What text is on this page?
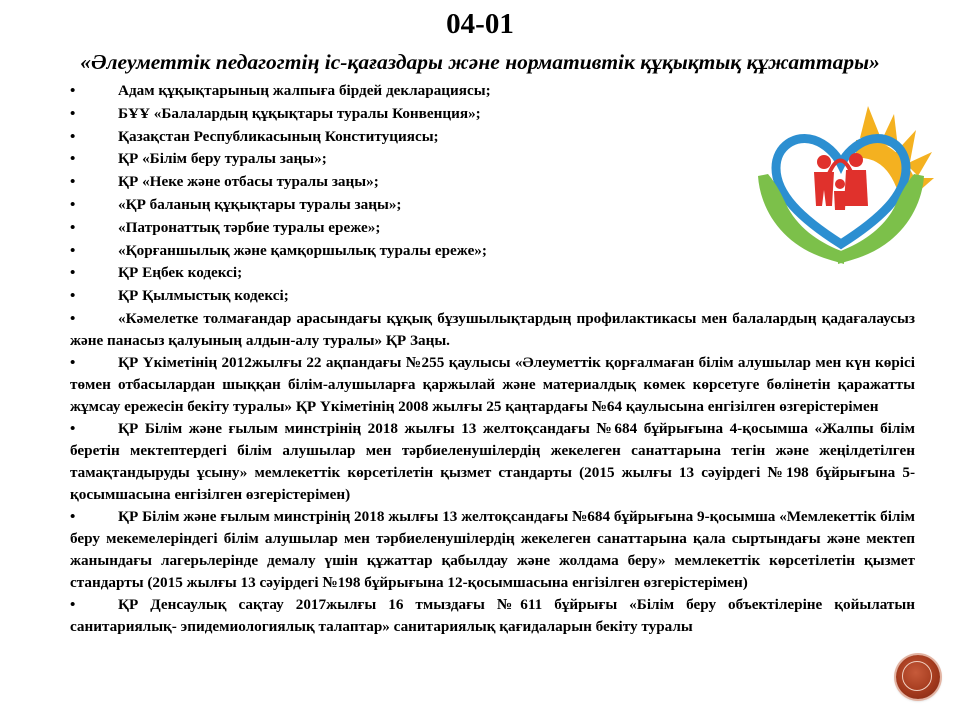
04-01
«Әлеуметтік педагогтің іс-қағаздары және нормативтік құқықтық құжаттары»
•	Адам құқықтарының жалпыға бірдей декларациясы;
•	БҰҰ «Балалардың құқықтары туралы Конвенция»;
•	Қазақстан Республикасының Конституциясы;
•	ҚР «Білім беру туралы заңы»;
•	ҚР «Неке және отбасы туралы заңы»;
•	«ҚР баланың құқықтары туралы заңы»;
•	«Патронаттық тәрбие туралы ереже»;
•	«Қорғаншылық және қамқоршылық туралы ереже»;
•	ҚР Еңбек кодексі;
•	ҚР Қылмыстық кодексі;
•	«Кәмелетке толмағандар арасындағы құқық бұзушылықтардың профилактикасы мен балалардың қадағалаусыз және панасыз қалуының алдын-алу туралы» ҚР Заңы.
•	ҚР Үкіметінің 2012жылғы 22 ақпандағы №255 қаулысы «Әлеуметтік қорғалмаған білім алушылар мен күн көрісі төмен отбасылардан шыққан білім-алушыларға қаржылай және материалдық көмек көрсетуге бөлінетін қаражатты жұмсау ережесін бекіту туралы» ҚР Үкіметінің 2008 жылғы 25 қаңтардағы №64 қаулысына енгізілген өзгерістерімен
•	ҚР Білім және ғылым минстрінің 2018 жылғы 13 желтоқсандағы №684 бұйрығына 4-қосымша «Жалпы білім беретін мектептердегі білім алушылар мен тәрбиеленушілердің жекелеген санаттарына тегін және жеңілдетілген тамақтандыруды ұсыну» мемлекеттік көрсетілетін қызмет стандарты (2015 жылғы 13 сәуірдегі №198 бұйрығына 5-қосымшасына енгізілген өзгерістерімен)
•	ҚР Білім және ғылым минстрінің 2018 жылғы 13 желтоқсандағы №684 бұйрығына 9-қосымша «Мемлекеттік білім беру мекемелеріндегі білім алушылар мен тәрбиеленушілердің жекелеген санаттарына қала сыртындағы және мектеп жанындағы лагерьлерінде демалу үшін құжаттар қабылдау және жолдама беру» мемлекеттік көрсетілетін қызмет стандарты (2015 жылғы 13 сәуірдегі №198 бұйрығына 12-қосымшасына енгізілген өзгерістерімен)
•	ҚР Денсаулық сақтау 2017жылғы 16 тмыздағы №611 бұйрығы «Білім беру объектілеріне қойылатын санитариялық- эпидемиологиялық талаптар» санитариялық қағидаларын бекіту туралы
